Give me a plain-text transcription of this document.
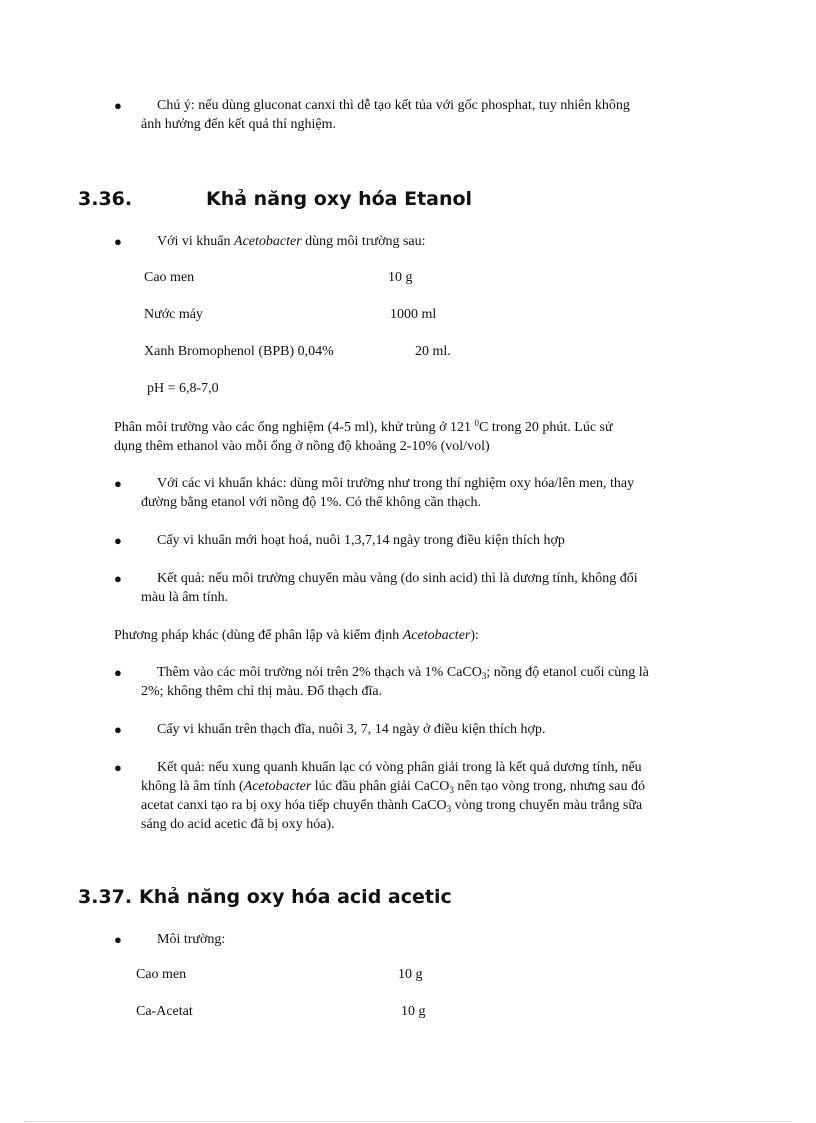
●	Chú ý: nếu dùng gluconat canxi thì dễ tạo kết tủa với gốc phosphat, tuy nhiên không
ảnh hưởng đến kết quả thí nghiệm.
3.36.	Khả năng oxy hóa Etanol
●	Với vi khuẩn Acetobacter dùng môi trường sau:
Cao men	10 g
Nước máy	1000 ml
Xanh Bromophenol (BPB) 0,04%	20 ml.
pH = 6,8-7,0
Phân môi trường vào các ống nghiệm (4-5 ml), khử trùng ở 121 $^0$C trong 20 phút. Lúc sử
dụng thêm ethanol vào mỗi ống ở nồng độ khoảng 2-10% (vol/vol)
●	Với các vi khuẩn khác: dùng môi trường như trong thí nghiệm oxy hóa/lên men, thay
đường bằng etanol với nồng độ 1%. Có thể không cần thạch.
●	Cấy vi khuẩn mới hoạt hoá, nuôi 1,3,7,14 ngày trong điều kiện thích hợp
●	Kết quả: nếu môi trường chuyển màu vàng (do sinh acid) thì là dương tính, không đổi
màu là âm tính.
Phương pháp khác (dùng để phân lập và kiểm định Acetobacter):
●	Thêm vào các môi trường nói trên 2% thạch và 1% CaCO$_3$; nồng độ etanol cuối cùng là
2%; không thêm chỉ thị màu. Đổ thạch đĩa.
●	Cấy vi khuẩn trên thạch đĩa, nuôi 3, 7, 14 ngày ở điều kiện thích hợp.
●	Kết quả: nếu xung quanh khuẩn lạc có vòng phân giải trong là kết quả dương tính, nếu
không là âm tính (Acetobacter lúc đầu phân giải CaCO$_3$ nên tạo vòng trong, nhưng sau đó
acetat canxi tạo ra bị oxy hóa tiếp chuyển thành CaCO$_3$ vòng trong chuyển màu trắng sữa
sáng do acid acetic đã bị oxy hóa).
3.37. Khả năng oxy hóa acid acetic
●	Môi trường:
Cao men	10 g
Ca-Acetat	10 g
